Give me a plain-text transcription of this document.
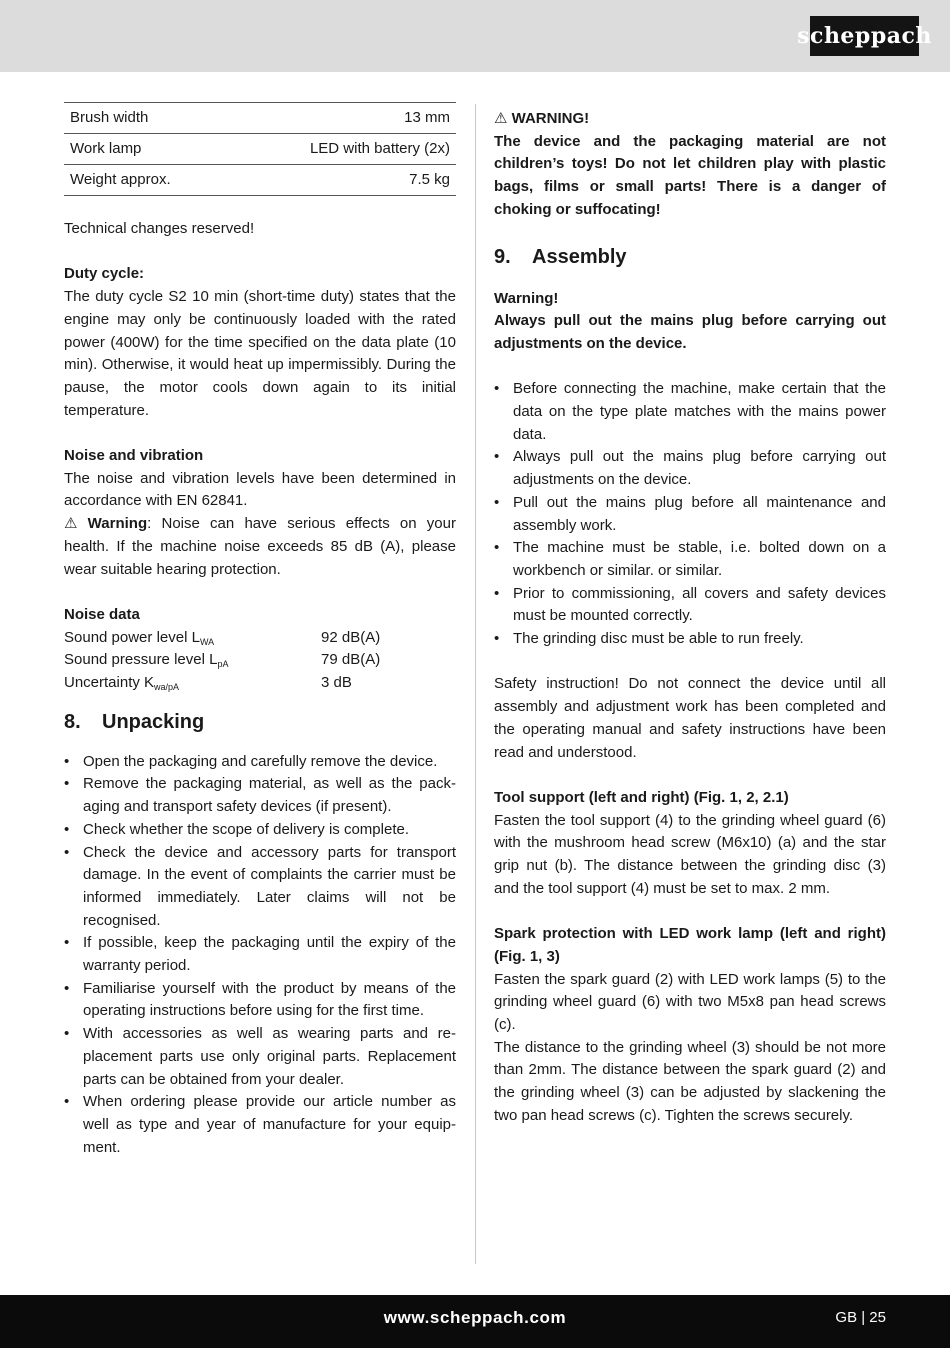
scheppach
Brush width	13 mm
Work lamp	LED with battery (2x)
Weight approx.	7.5 kg

Technical changes reserved!

Duty cycle:

The duty cycle S2 10 min (short-time duty) states that the engine may only be continuously loaded with the rated power (400W) for the time specified on the data plate (10 min). Otherwise, it would heat up impermissibly. During the pause, the motor cools down again to its initial temperature.

Noise and vibration

The noise and vibration levels have been determined in accordance with EN 62841.

⚠ Warning: Noise can have serious effects on your health. If the machine noise exceeds 85 dB (A), please wear suitable hearing protection.

Noise data

Sound power level $L_{WA}$	92 dB(A)
Sound pressure level $L_{pA}$	79 dB(A)
Uncertainty $K_{wa/pA}$	3 dB
8. Unpacking
• Open the packaging and carefully remove the device.
• Remove the packaging material, as well as the packaging and transport safety devices (if present).
• Check whether the scope of delivery is complete.
• Check the device and accessory parts for transport damage. In the event of complaints the carrier must be informed immediately. Later claims will not be recognised.
• If possible, keep the packaging until the expiry of the warranty period.
• Familiarise yourself with the product by means of the operating instructions before using for the first time.
• With accessories as well as wearing parts and replacement parts use only original parts. Replacement parts can be obtained from your dealer.
• When ordering please provide our article number as well as type and year of manufacture for your equipment.

⚠ WARNING!

The device and the packaging material are not children’s toys! Do not let children play with plastic bags, films or small parts! There is a danger of choking or suffocating!

9. Assembly

Warning!

Always pull out the mains plug before carrying out adjustments on the device.

• Before connecting the machine, make certain that the data on the type plate matches with the mains power data.
• Always pull out the mains plug before carrying out adjustments on the device.
• Pull out the mains plug before all maintenance and assembly work.
• The machine must be stable, i.e. bolted down on a workbench or similar. or similar.
• Prior to commissioning, all covers and safety devices must be mounted correctly.
• The grinding disc must be able to run freely.

Safety instruction! Do not connect the device until all assembly and adjustment work has been completed and the operating manual and safety instructions have been read and understood.

Tool support (left and right) (Fig. 1, 2, 2.1)

Fasten the tool support (4) to the grinding wheel guard (6) with the mushroom head screw (M6x10) (a) and the star grip nut (b). The distance between the grinding disc (3) and the tool support (4) must be set to max. 2 mm.

Spark protection with LED work lamp (left and right) (Fig. 1, 3)

Fasten the spark guard (2) with LED work lamps (5) to the grinding wheel guard (6) with two M5x8 pan head screws (c).

The distance to the grinding wheel (3) should be not more than 2mm. The distance between the spark guard (2) and the grinding wheel (3) can be adjusted by slackening the two pan head screws (c). Tighten the screws securely.

www.scheppach.com	GB | 25
